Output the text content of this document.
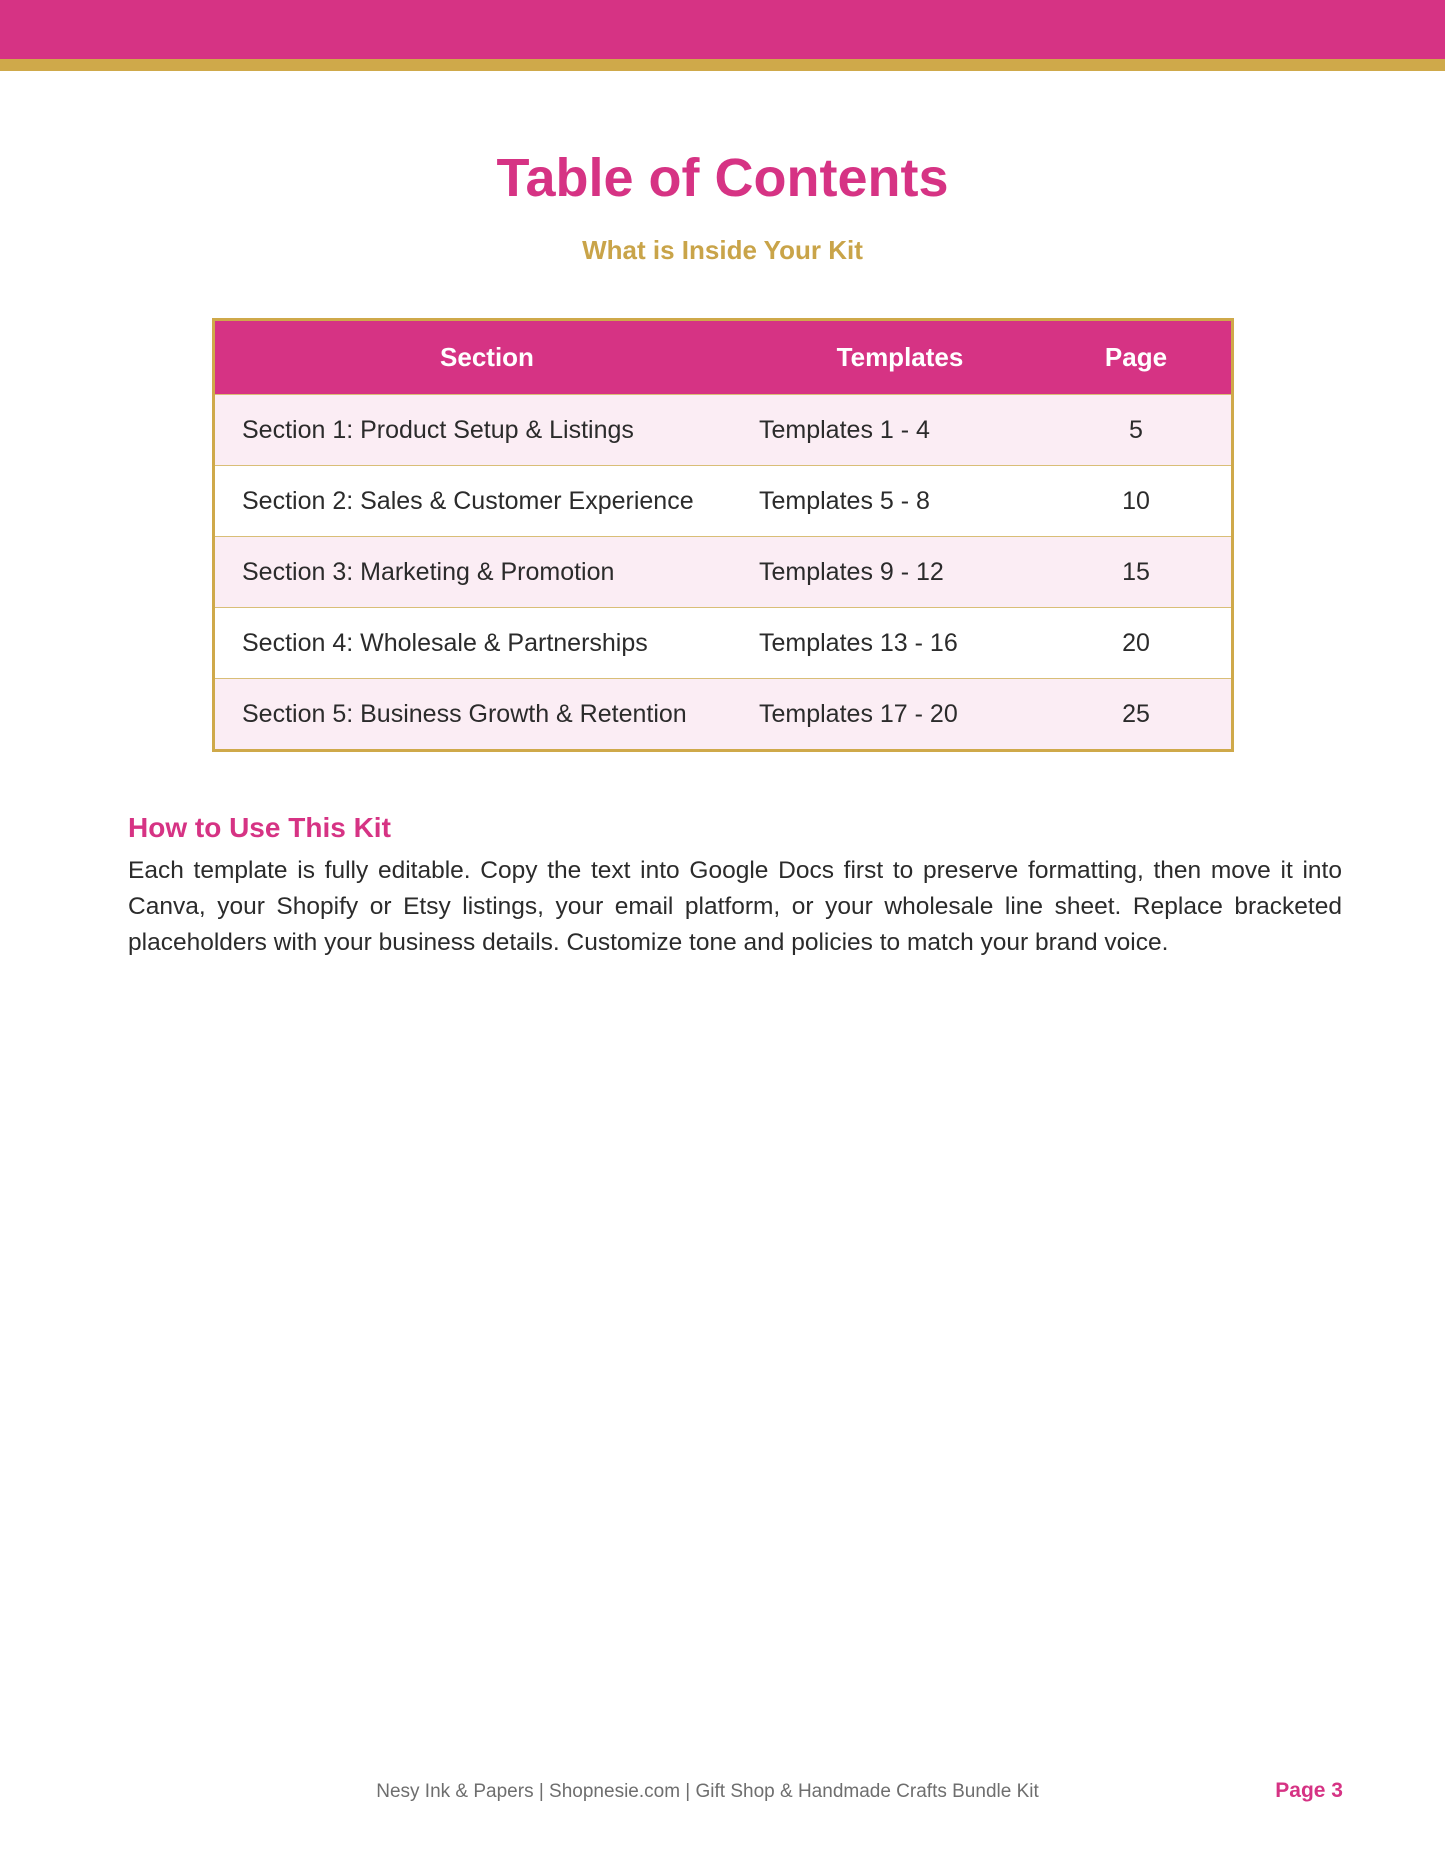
Table of Contents
What is Inside Your Kit
Section	Templates	Page
Section 1: Product Setup & Listings	Templates 1 - 4	5
Section 2: Sales & Customer Experience	Templates 5 - 8	10
Section 3: Marketing & Promotion	Templates 9 - 12	15
Section 4: Wholesale & Partnerships	Templates 13 - 16	20
Section 5: Business Growth & Retention	Templates 17 - 20	25
How to Use This Kit

Each template is fully editable. Copy the text into Google Docs first to preserve formatting, then move it into Canva, your Shopify or Etsy listings, your email platform, or your wholesale line sheet. Replace bracketed placeholders with your business details. Customize tone and policies to match your brand voice.

Nesy Ink & Papers | Shopnesie.com | Gift Shop & Handmade Crafts Bundle Kit	Page 3
